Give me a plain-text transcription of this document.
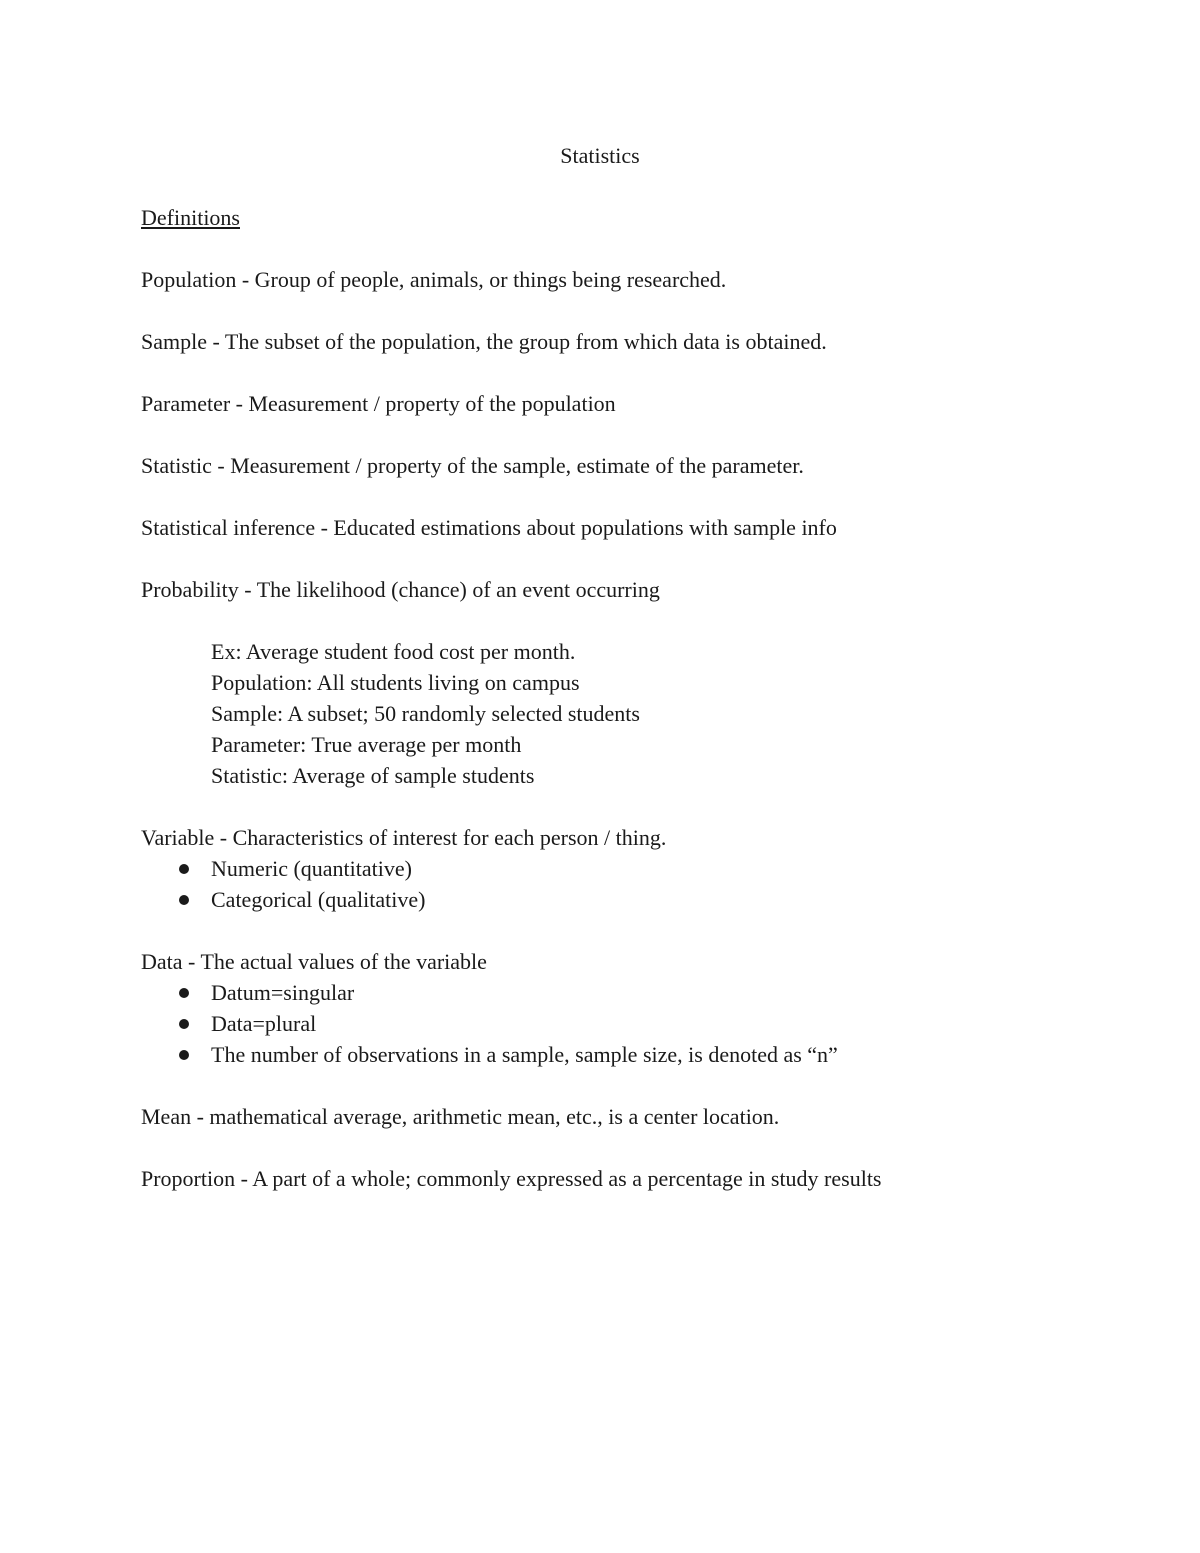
Statistics
Definitions

Population - Group of people, animals, or things being researched.

Sample - The subset of the population, the group from which data is obtained.

Parameter - Measurement / property of the population

Statistic - Measurement / property of the sample, estimate of the parameter.

Statistical inference - Educated estimations about populations with sample info

Probability - The likelihood (chance) of an event occurring

Ex: Average student food cost per month.
Population: All students living on campus
Sample: A subset; 50 randomly selected students
Parameter: True average per month
Statistic: Average of sample students
Variable - Characteristics of interest for each person / thing.
Numeric (quantitative)
Categorical (qualitative)
Data - The actual values of the variable
Datum=singular
Data=plural
The number of observations in a sample, sample size, is denoted as “n”

Mean - mathematical average, arithmetic mean, etc., is a center location.

Proportion - A part of a whole; commonly expressed as a percentage in study results
